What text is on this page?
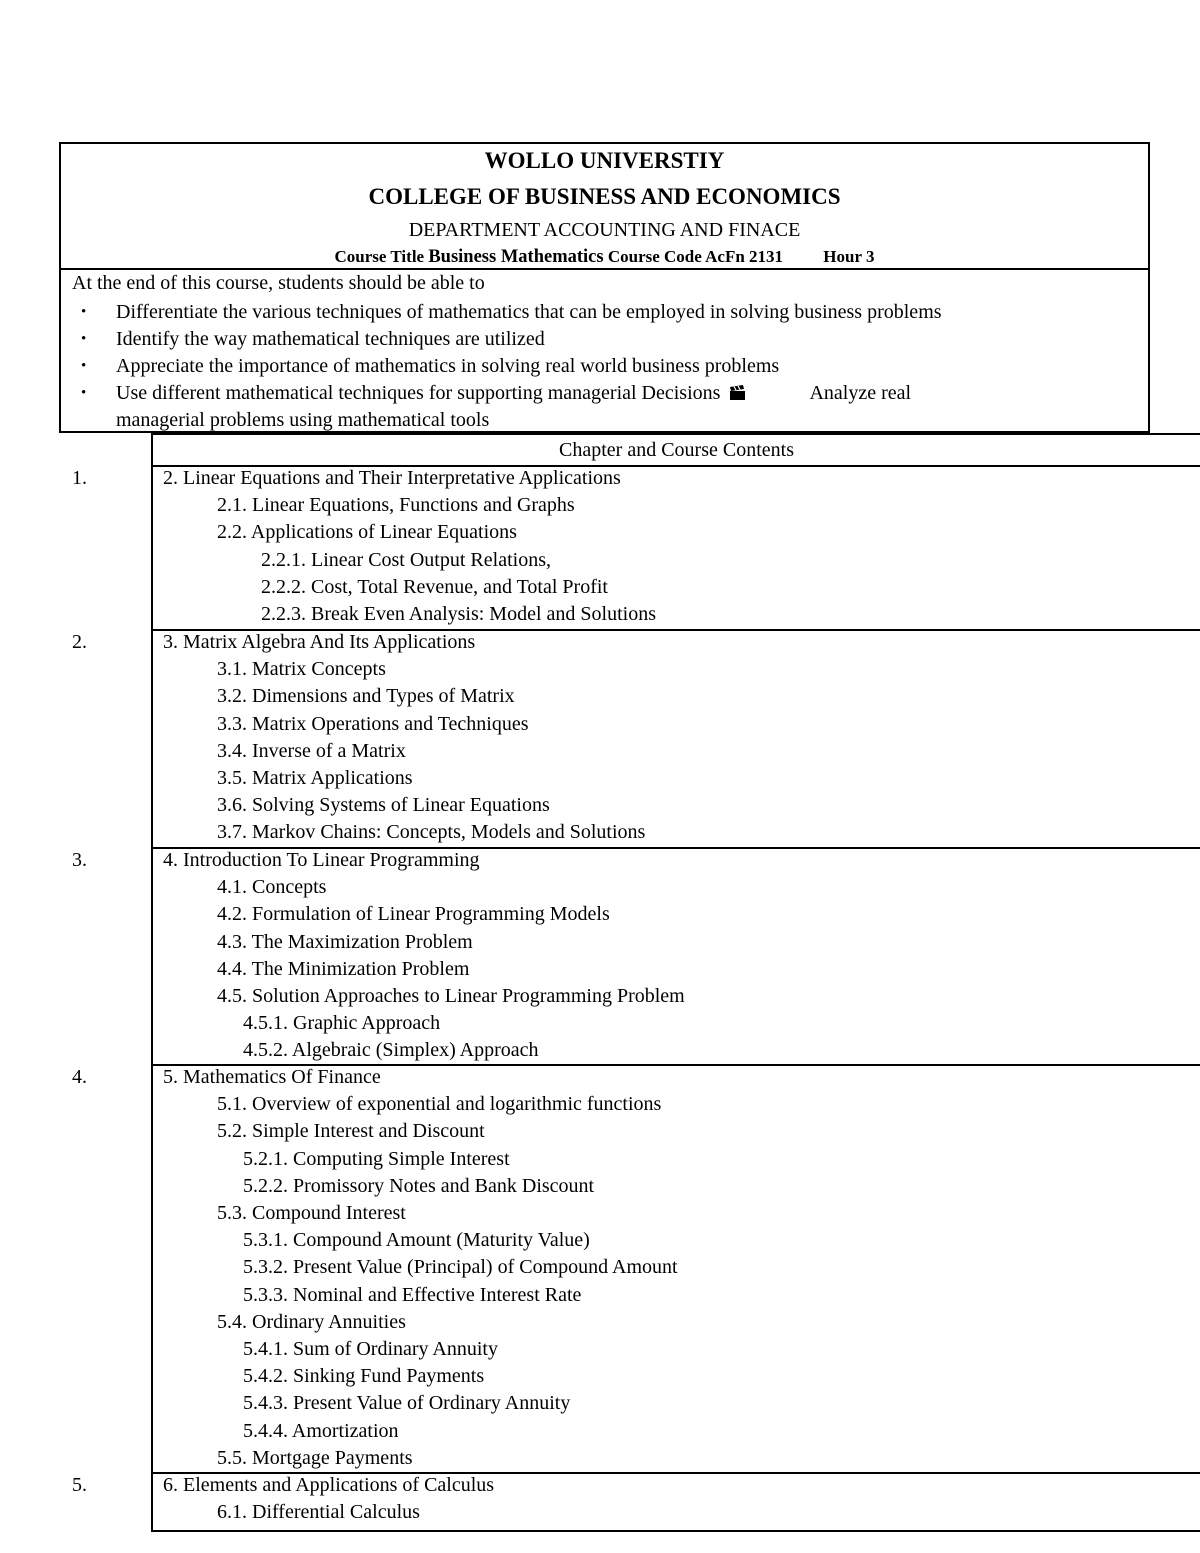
WOLLO UNIVERSTIY
COLLEGE OF BUSINESS AND ECONOMICS
DEPARTMENT ACCOUNTING AND FINACE
Course Title Business Mathematics Course Code AcFn 2131 Hour 3
At the end of this course, students should be able to
• Differentiate the various techniques of mathematics that can be employed in solving business problems
• Identify the way mathematical techniques are utilized
• Appreciate the importance of mathematics in solving real world business problems
• Use different mathematical techniques for supporting managerial Decisions	Analyze real
managerial problems using mathematical tools
Chapter and Course Contents
1.	2. Linear Equations and Their Interpretative Applications
2.1. Linear Equations, Functions and Graphs
2.2. Applications of Linear Equations
2.2.1. Linear Cost Output Relations,
2.2.2. Cost, Total Revenue, and Total Profit
2.2.3. Break Even Analysis: Model and Solutions
2.	3. Matrix Algebra And Its Applications
3.1. Matrix Concepts
3.2. Dimensions and Types of Matrix
3.3. Matrix Operations and Techniques
3.4. Inverse of a Matrix
3.5. Matrix Applications
3.6. Solving Systems of Linear Equations
3.7. Markov Chains: Concepts, Models and Solutions
3.	4. Introduction To Linear Programming
4.1. Concepts
4.2. Formulation of Linear Programming Models
4.3. The Maximization Problem
4.4. The Minimization Problem
4.5. Solution Approaches to Linear Programming Problem
4.5.1. Graphic Approach
4.5.2. Algebraic (Simplex) Approach
4.	5. Mathematics Of Finance
5.1. Overview of exponential and logarithmic functions
5.2. Simple Interest and Discount
5.2.1. Computing Simple Interest
5.2.2. Promissory Notes and Bank Discount
5.3. Compound Interest
5.3.1. Compound Amount (Maturity Value)
5.3.2. Present Value (Principal) of Compound Amount
5.3.3. Nominal and Effective Interest Rate
5.4. Ordinary Annuities
5.4.1. Sum of Ordinary Annuity
5.4.2. Sinking Fund Payments
5.4.3. Present Value of Ordinary Annuity
5.4.4. Amortization
5.5. Mortgage Payments
5.	6. Elements and Applications of Calculus
6.1. Differential Calculus
